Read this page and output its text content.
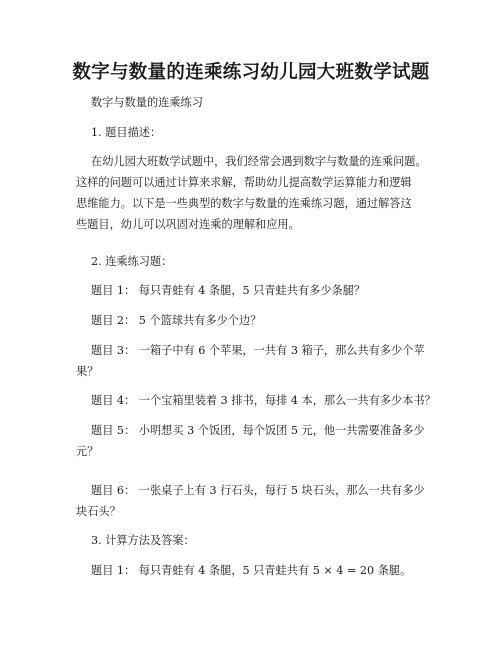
数字与数量的连乘练习幼儿园大班数学试题

数字与数量的连乘练习

1. 题目描述：

在幼儿园大班数学试题中，我们经常会遇到数字与数量的连乘问题。

这样的问题可以通过计算来求解，帮助幼儿提高数学运算能力和逻辑

思维能力。以下是一些典型的数字与数量的连乘练习题，通过解答这

些题目，幼儿可以巩固对连乘的理解和应用。

2. 连乘练习题：

题目 1： 每只青蛙有 4 条腿，5 只青蛙共有多少条腿？

题目 2： 5 个篮球共有多少个边？

题目 3： 一箱子中有 6 个苹果，一共有 3 箱子，那么共有多少个苹

果？

题目 4： 一个宝箱里装着 3 排书，每排 4 本，那么一共有多少本书？

题目 5： 小明想买 3 个饭团，每个饭团 5 元，他一共需要准备多少

元？

题目 6： 一张桌子上有 3 行石头，每行 5 块石头，那么一共有多少

块石头？

3. 计算方法及答案：

题目 1： 每只青蛙有 4 条腿，5 只青蛙共有 5 × 4 = 20 条腿。
